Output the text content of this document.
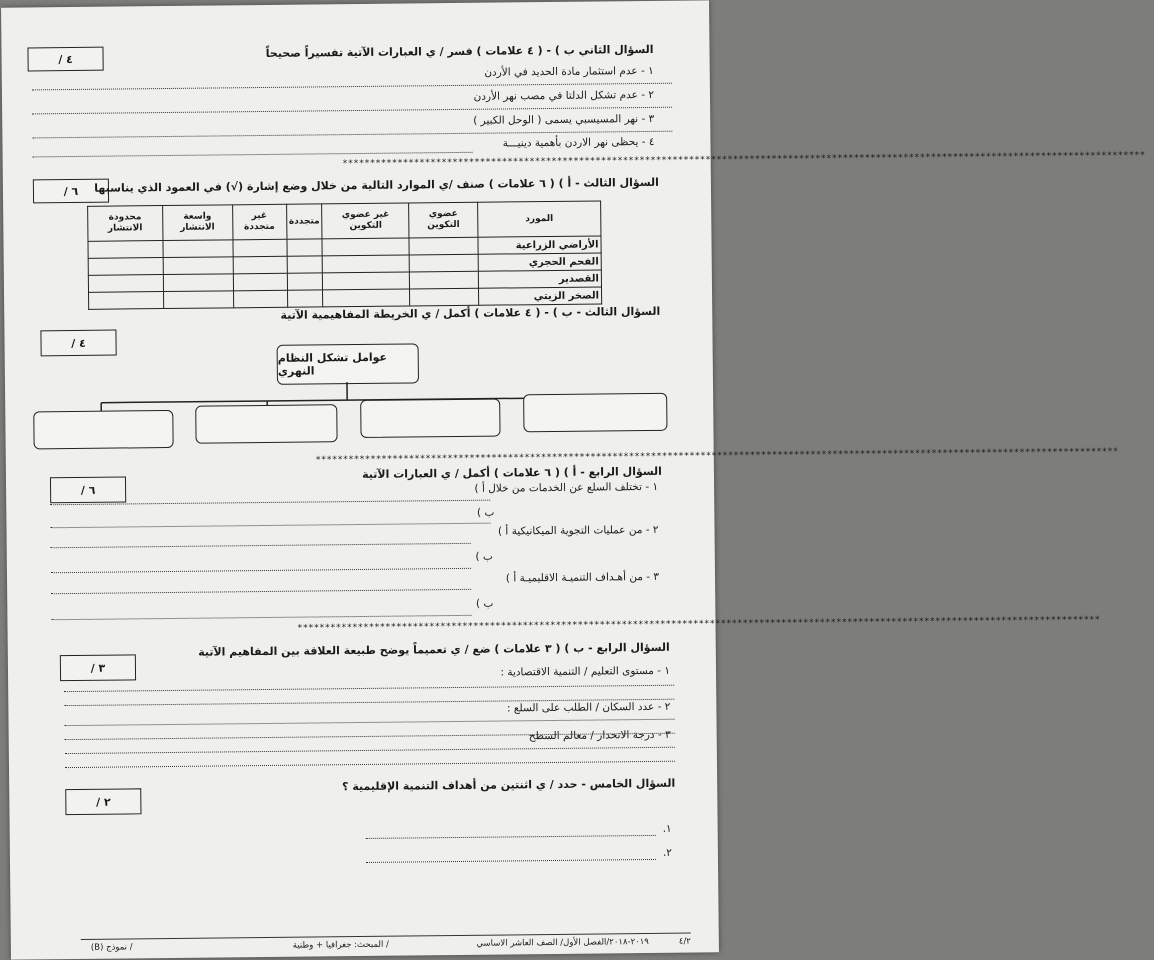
/ ٤	السؤال الثاني ب ) - ( ٤ علامات ) فسر / ي العبارات الآتية تفسيراً صحيحاً
١ - عدم استثمار مادة الحديد في الأردن
٢ - عدم تشكل الدلتا في مصب نهر الأردن
٣ - نهر المسيسبي يسمى ( الوحل الكبير )
٤ - يحظى نهر الاردن بأهمية دينيـــة
**************************************************************************************************************************************************
/ ٦ السؤال الثالث - أ ) ( ٦ علامات ) صنف /ي الموارد التالية من خلال وضع إشارة (√) في العمود الذي يناسبها
المورد	عضوي التكوين	غير عضوي التكوين	متجددة	غير متجددة	واسعة الانتشار	محدودة الانتشار
الأراضي الزراعية						
الفحم الحجري						
القصدير						
الصخر الزيتي						
السؤال الثالث - ب ) - ( ٤ علامات ) أكمل / ي الخريطة المفاهيمية الآتية
/ ٤
عوامل تشكل النظام النهري
**************************************************************************************************************************************************
السؤال الرابع - أ ) ( ٦ علامات ) أكمل / ي العبارات الآتية
/ ٦	١ - تختلف السلع عن الخدمات من خلال أ )
ب )
٢ - من عمليات التجوية الميكانيكية أ )
ب )
٣ - من أهـداف التنميـة الاقليميـة أ )
ب )
**************************************************************************************************************************************************
السؤال الرابع - ب ) ( ٣ علامات ) ضع / ي تعميماً يوضح طبيعة العلاقة بين المفاهيم الآتية
/ ٣	١ - مستوى التعليم / التنمية الاقتصادية :
٢ - عدد السكان / الطلب على السلع :
٣ - درجة الانحدار / معالم السطح
السؤال الخامس - حدد / ي اثنتين من أهداف التنمية الإقليمية ؟
/ ٢
١.
٢.
٤/٢
٢٠١٩-٢٠١٨/الفصل الأول/ الصف العاشر الاساسي
/ المبحث: جغرافيا + وطنية
/ نموذج (B)
